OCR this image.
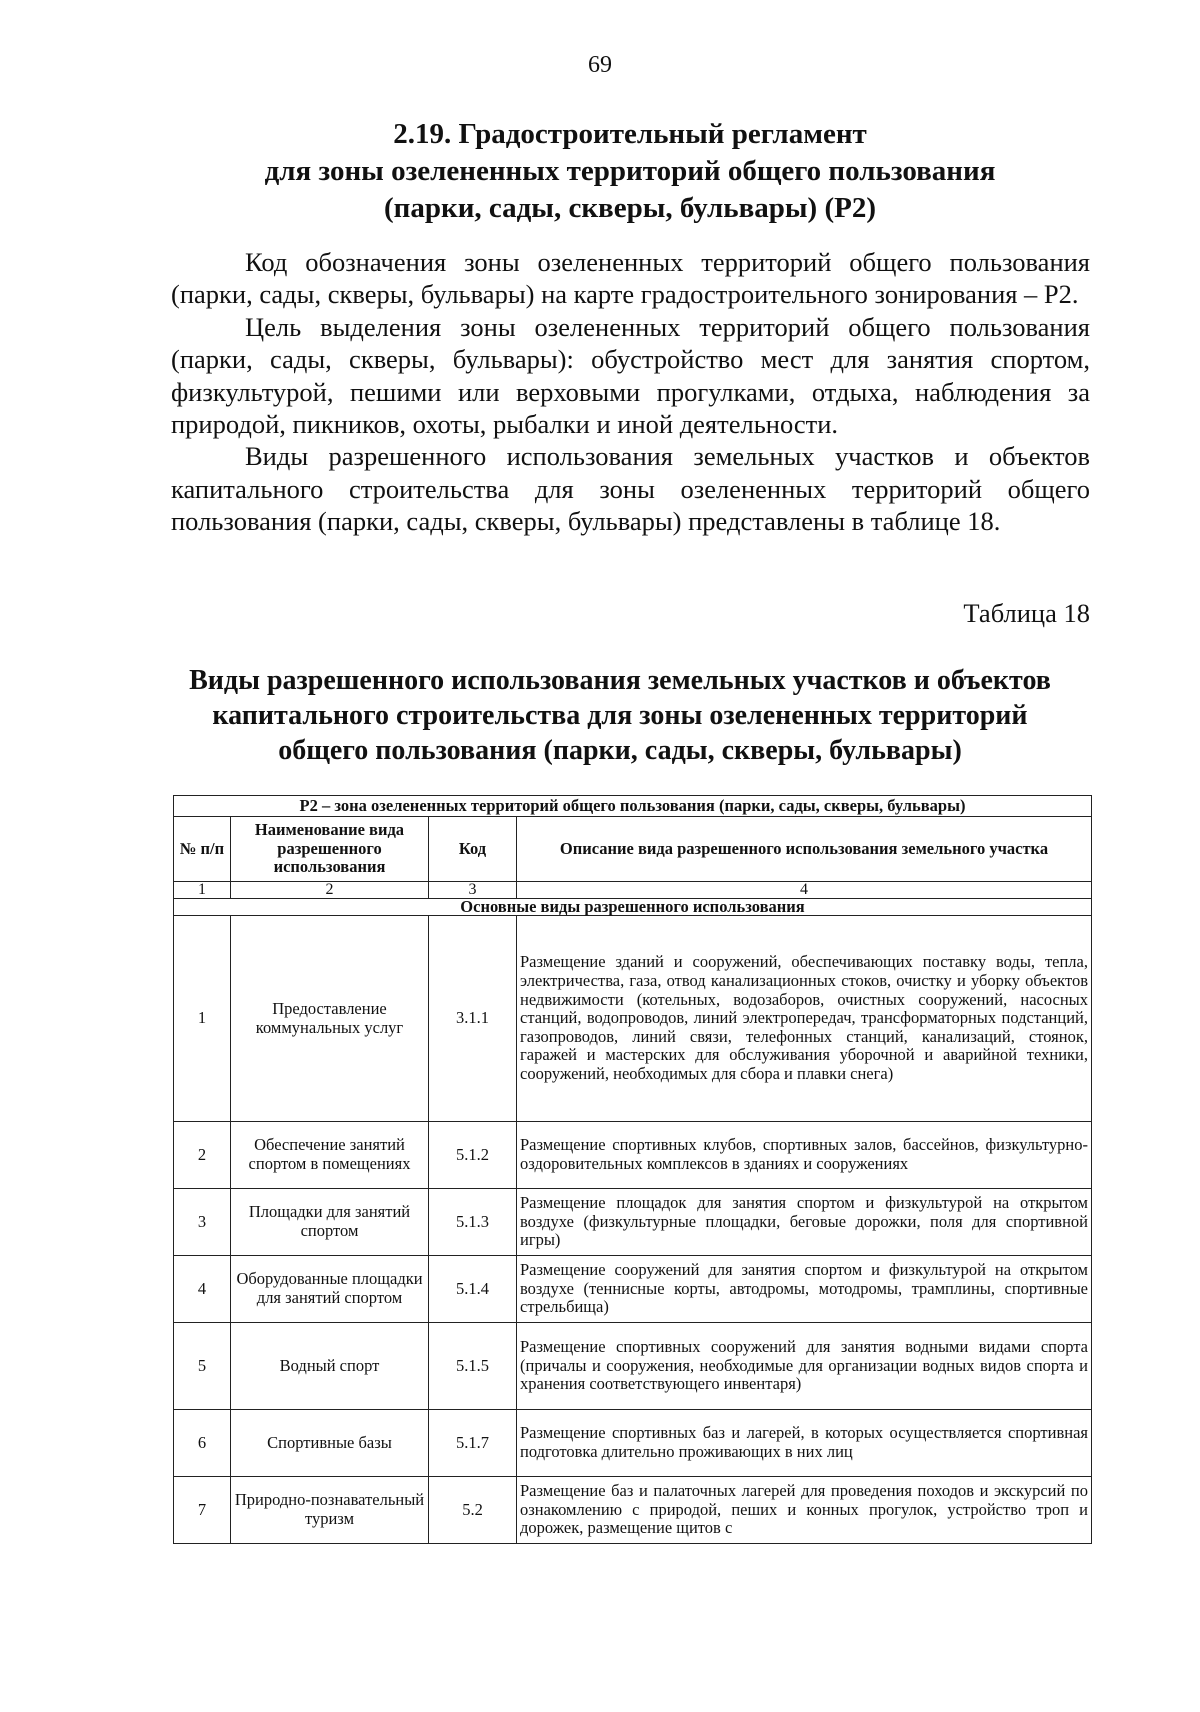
69
2.19. Градостроительный регламент
для зоны озелененных территорий общего пользования
(парки, сады, скверы, бульвары) (Р2)

Код обозначения зоны озелененных территорий общего пользования (парки, сады, скверы, бульвары) на карте градостроительного зонирования – Р2.

Цель выделения зоны озелененных территорий общего пользования (парки, сады, скверы, бульвары): обустройство мест для занятия спортом, физкультурой, пешими или верховыми прогулками, отдыха, наблюдения за природой, пикников, охоты, рыбалки и иной деятельности.

Виды разрешенного использования земельных участков и объектов капитального строительства для зоны озелененных территорий общего пользования (парки, сады, скверы, бульвары) представлены в таблице 18.

Таблица 18
Виды разрешенного использования земельных участков и объектов
капитального строительства для зоны озелененных территорий
общего пользования (парки, сады, скверы, бульвары)
Р2 – зона озелененных территорий общего пользования (парки, сады, скверы, бульвары)			
№ п/п	Наименование вида разрешенного использования	Код	Описание вида разрешенного использования земельного участка
1	2	3	4
Основные виды разрешенного использования			
1	Предоставление коммунальных услуг	3.1.1	Размещение зданий и сооружений, обеспечивающих поставку воды, тепла, электричества, газа, отвод канализационных стоков, очистку и уборку объектов недвижимости (котельных, водозаборов, очистных сооружений, насосных станций, водопроводов, линий электропередач, трансформаторных подстанций, газопроводов, линий связи, телефонных станций, канализаций, стоянок, гаражей и мастерских для обслуживания уборочной и аварийной техники, сооружений, необходимых для сбора и плавки снега)
2	Обеспечение занятий спортом в помещениях	5.1.2	Размещение спортивных клубов, спортивных залов, бассейнов, физкультурно-оздоровительных комплексов в зданиях и сооружениях
3	Площадки для занятий спортом	5.1.3	Размещение площадок для занятия спортом и физкультурой на открытом воздухе (физкультурные площадки, беговые дорожки, поля для спортивной игры)
4	Оборудованные площадки для занятий спортом	5.1.4	Размещение сооружений для занятия спортом и физкультурой на открытом воздухе (теннисные корты, автодромы, мотодромы, трамплины, спортивные стрельбища)
5	Водный спорт	5.1.5	Размещение спортивных сооружений для занятия водными видами спорта (причалы и сооружения, необходимые для организации водных видов спорта и хранения соответствующего инвентаря)
6	Спортивные базы	5.1.7	Размещение спортивных баз и лагерей, в которых осуществляется спортивная подготовка длительно проживающих в них лиц
7	Природно-познавательный туризм	5.2	Размещение баз и палаточных лагерей для проведения походов и экскурсий по ознакомлению с природой, пеших и конных прогулок, устройство троп и дорожек, размещение щитов с
